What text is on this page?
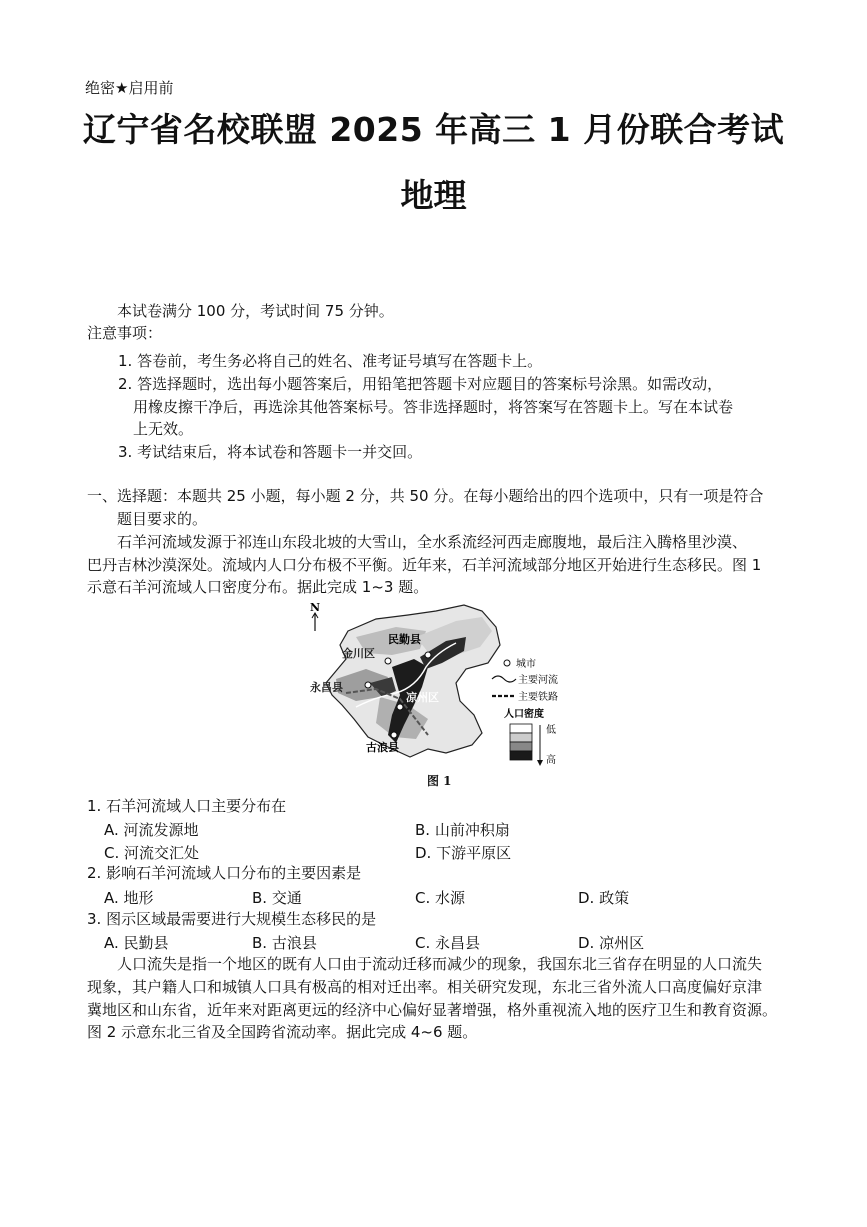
绝密★启用前
辽宁省名校联盟 2025 年高三 1 月份联合考试
地理
本试卷满分 100 分，考试时间 75 分钟。
注意事项：
1. 答卷前，考生务必将自己的姓名、准考证号填写在答题卡上。
2. 答选择题时，选出每小题答案后，用铅笔把答题卡对应题目的答案标号涂黑。如需改动，
用橡皮擦干净后，再选涂其他答案标号。答非选择题时，将答案写在答题卡上。写在本试卷
上无效。
3. 考试结束后，将本试卷和答题卡一并交回。
一、选择题：本题共 25 小题，每小题 2 分，共 50 分。在每小题给出的四个选项中，只有一项是符合
题目要求的。
石羊河流域发源于祁连山东段北坡的大雪山，全水系流经河西走廊腹地，最后注入腾格里沙漠、
巴丹吉林沙漠深处。流域内人口分布极不平衡。近年来，石羊河流域部分地区开始进行生态移民。图 1
示意石羊河流域人口密度分布。据此完成 1~3 题。
N
民勤县
金川区
永昌县
凉州区
古浪县
城市
主要河流
主要铁路
人口密度
低
高
图 1
1. 石羊河流域人口主要分布在
A. 河流发源地	B. 山前冲积扇
C. 河流交汇处	D. 下游平原区
2. 影响石羊河流域人口分布的主要因素是
A. 地形	B. 交通	C. 水源	D. 政策
3. 图示区域最需要进行大规模生态移民的是
A. 民勤县	B. 古浪县	C. 永昌县	D. 凉州区
人口流失是指一个地区的既有人口由于流动迁移而减少的现象，我国东北三省存在明显的人口流失
现象，其户籍人口和城镇人口具有极高的相对迁出率。相关研究发现，东北三省外流人口高度偏好京津
冀地区和山东省，近年来对距离更远的经济中心偏好显著增强，格外重视流入地的医疗卫生和教育资源。
图 2 示意东北三省及全国跨省流动率。据此完成 4~6 题。
